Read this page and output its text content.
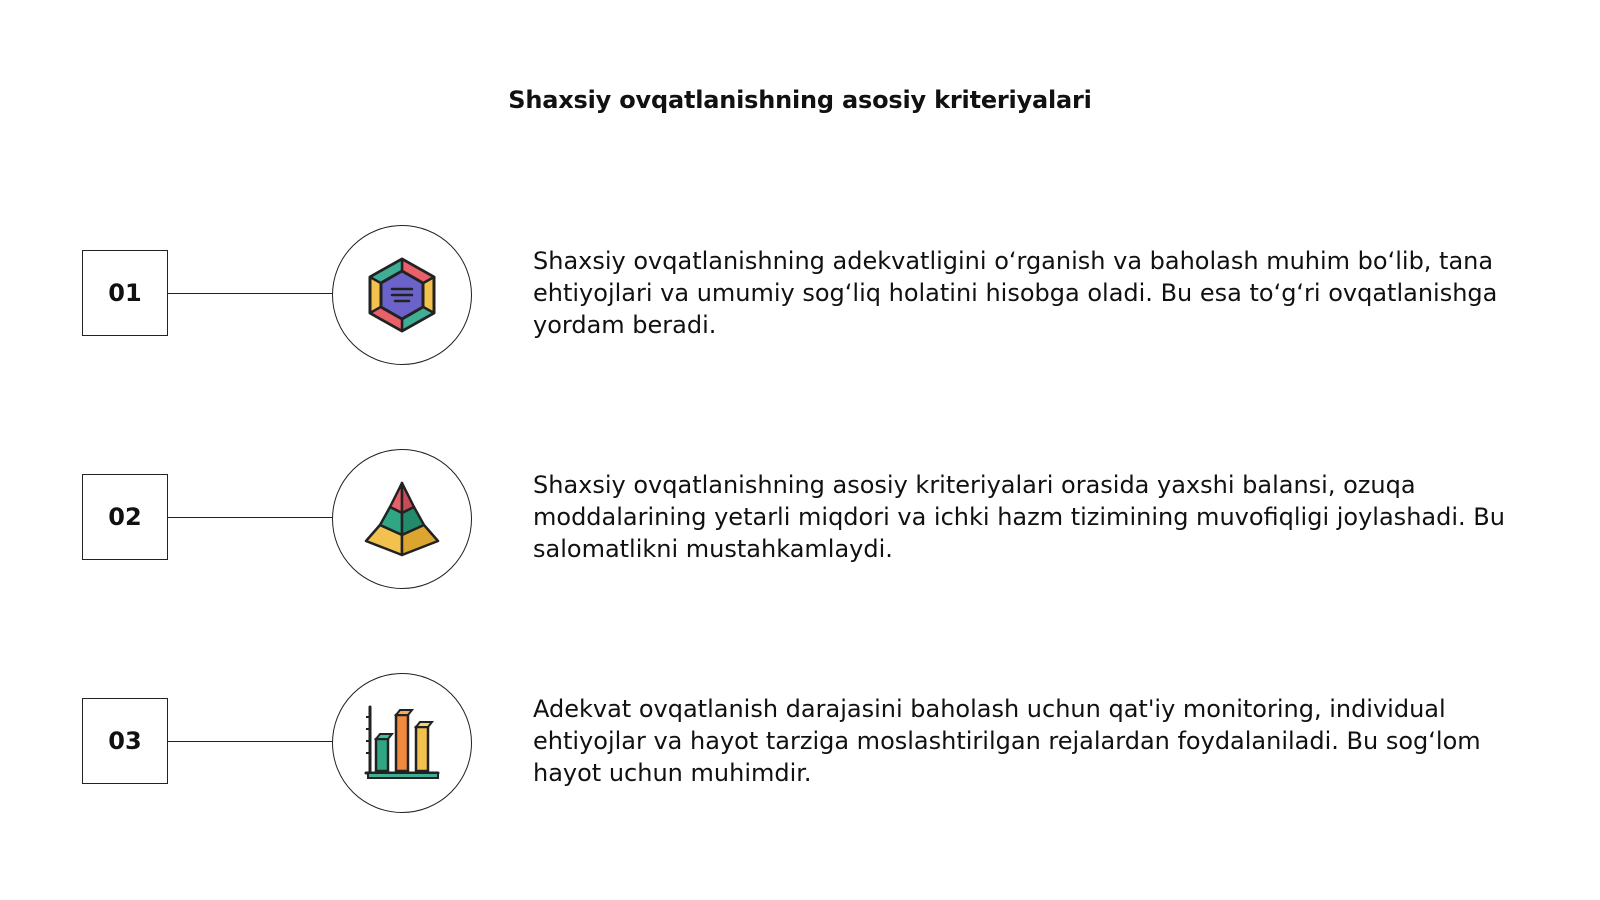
Shaxsiy ovqatlanishning asosiy kriteriyalari
01
Shaxsiy ovqatlanishning adekvatligini o‘rganish va baholash muhim bo‘lib, tana ehtiyojlari va umumiy sog‘liq holatini hisobga oladi. Bu esa to‘g‘ri ovqatlanishga yordam beradi.
02
Shaxsiy ovqatlanishning asosiy kriteriyalari orasida yaxshi balansi, ozuqa moddalarining yetarli miqdori va ichki hazm tizimining muvofiqligi joylashadi. Bu salomatlikni mustahkamlaydi.
03
Adekvat ovqatlanish darajasini baholash uchun qat'iy monitoring, individual ehtiyojlar va hayot tarziga moslashtirilgan rejalardan foydalaniladi. Bu sog‘lom hayot uchun muhimdir.
